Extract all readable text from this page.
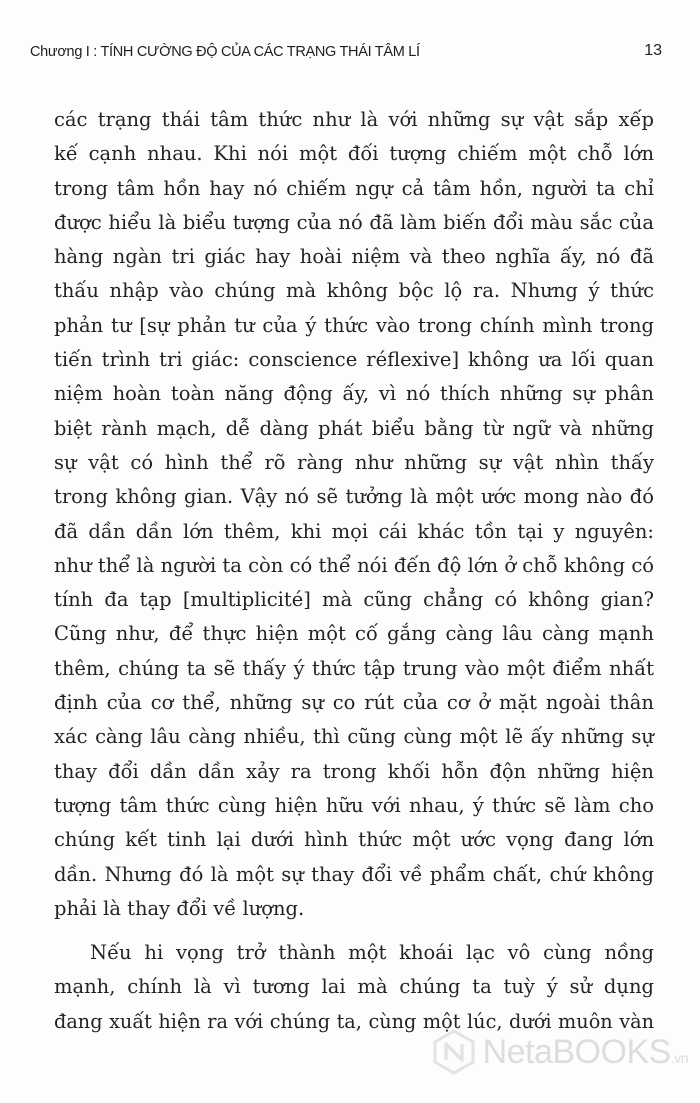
Chương I : TÍNH CƯỜNG ĐỘ CỦA CÁC TRẠNG THÁI TÂM LÍ	13
các trạng thái tâm thức như là với những sự vật sắp xếp
kế cạnh nhau. Khi nói một đối tượng chiếm một chỗ lớn
trong tâm hồn hay nó chiếm ngự cả tâm hồn, người ta chỉ
được hiểu là biểu tượng của nó đã làm biến đổi màu sắc của
hàng ngàn tri giác hay hoài niệm và theo nghĩa ấy, nó đã
thấu nhập vào chúng mà không bộc lộ ra. Nhưng ý thức
phản tư [sự phản tư của ý thức vào trong chính mình trong
tiến trình tri giác: conscience réflexive] không ưa lối quan
niệm hoàn toàn năng động ấy, vì nó thích những sự phân
biệt rành mạch, dễ dàng phát biểu bằng từ ngữ và những
sự vật có hình thể rõ ràng như những sự vật nhìn thấy
trong không gian. Vậy nó sẽ tưởng là một ước mong nào đó
đã dần dần lớn thêm, khi mọi cái khác tồn tại y nguyên:
như thể là người ta còn có thể nói đến độ lớn ở chỗ không có
tính đa tạp [multiplicité] mà cũng chẳng có không gian?
Cũng như, để thực hiện một cố gắng càng lâu càng mạnh
thêm, chúng ta sẽ thấy ý thức tập trung vào một điểm nhất
định của cơ thể, những sự co rút của cơ ở mặt ngoài thân
xác càng lâu càng nhiều, thì cũng cùng một lẽ ấy những sự
thay đổi dần dần xảy ra trong khối hỗn độn những hiện
tượng tâm thức cùng hiện hữu với nhau, ý thức sẽ làm cho
chúng kết tinh lại dưới hình thức một ước vọng đang lớn
dần. Nhưng đó là một sự thay đổi về phẩm chất, chứ không
phải là thay đổi về lượng.
Nếu hi vọng trở thành một khoái lạc vô cùng nồng
mạnh, chính là vì tương lai mà chúng ta tuỳ ý sử dụng
đang xuất hiện ra với chúng ta, cùng một lúc, dưới muôn vàn
NetaBOOKS.vn
